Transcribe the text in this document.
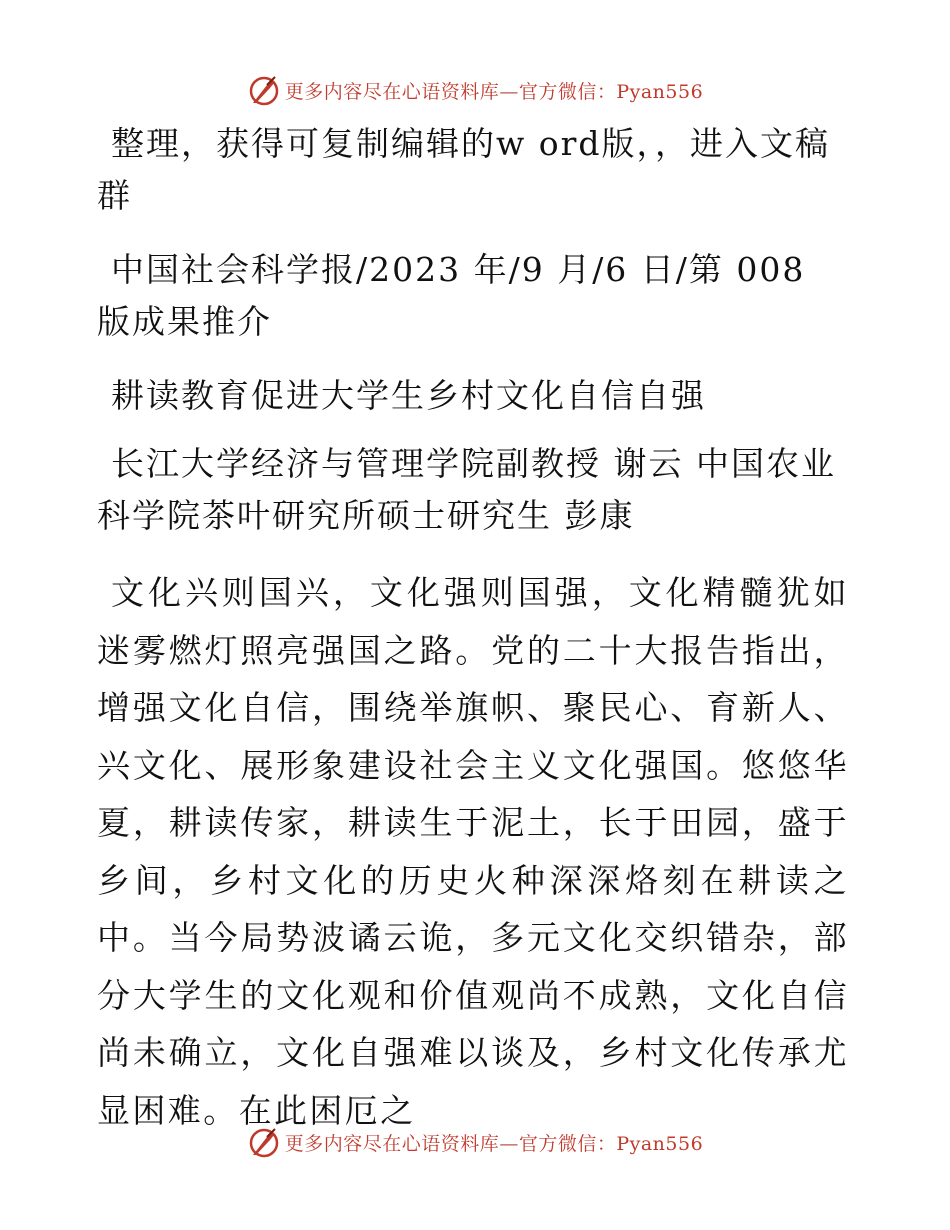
更多内容尽在心语资料库—官方微信：Pyan556

整理，获得可复制编辑的w ord版，，进入文稿群

中国社会科学报/2023 年/9 月/6 日/第 008 版成果推介

耕读教育促进大学生乡村文化自信自强

长江大学经济与管理学院副教授 谢云 中国农业科学院茶叶研究所硕士研究生 彭康

文化兴则国兴，文化强则国强，文化精髓犹如迷雾燃灯照亮强国之路。党的二十大报告指出，增强文化自信，围绕举旗帜、聚民心、育新人、兴文化、展形象建设社会主义文化强国。悠悠华夏，耕读传家，耕读生于泥土，长于田园，盛于乡间，乡村文化的历史火种深深烙刻在耕读之中。当今局势波谲云诡，多元文化交织错杂，部分大学生的文化观和价值观尚不成熟，文化自信尚未确立，文化自强难以谈及，乡村文化传承尤显困难。在此困厄之

更多内容尽在心语资料库—官方微信：Pyan556
